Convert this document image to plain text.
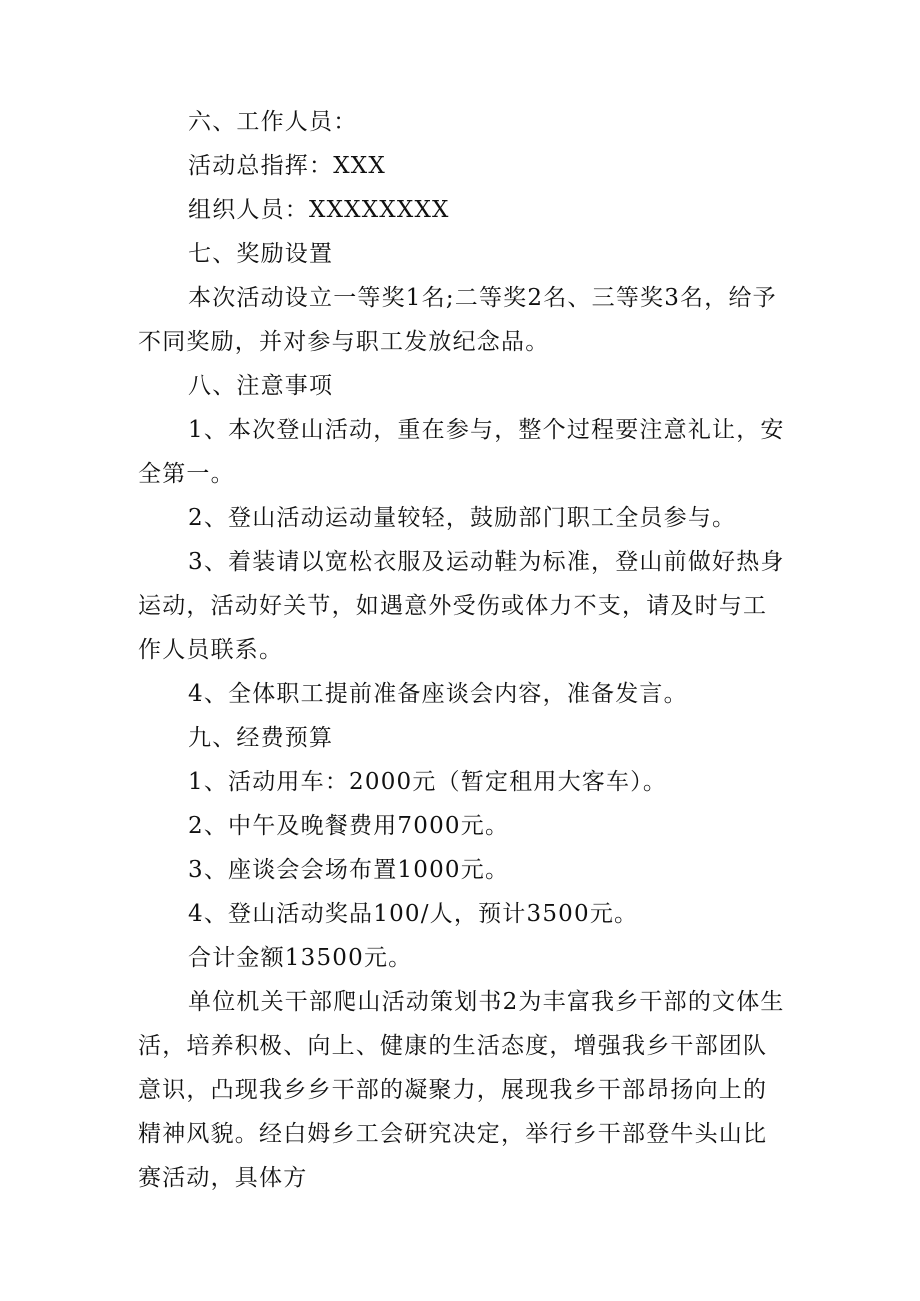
六、工作人员：

活动总指挥：XXX

组织人员：XXXXXXXX

七、奖励设置

本次活动设立一等奖1名;二等奖2名、三等奖3名，给予不同奖励，并对参与职工发放纪念品。

八、注意事项

1、本次登山活动，重在参与，整个过程要注意礼让，安全第一。

2、登山活动运动量较轻，鼓励部门职工全员参与。

3、着装请以宽松衣服及运动鞋为标准，登山前做好热身运动，活动好关节，如遇意外受伤或体力不支，请及时与工作人员联系。

4、全体职工提前准备座谈会内容，准备发言。

九、经费预算

1、活动用车：2000元（暂定租用大客车）。

2、中午及晚餐费用7000元。

3、座谈会会场布置1000元。

4、登山活动奖品100/人，预计3500元。

合计金额13500元。

单位机关干部爬山活动策划书2为丰富我乡干部的文体生活，培养积极、向上、健康的生活态度，增强我乡干部团队意识，凸现我乡乡干部的凝聚力，展现我乡干部昂扬向上的精神风貌。经白姆乡工会研究决定，举行乡干部登牛头山比赛活动，具体方
